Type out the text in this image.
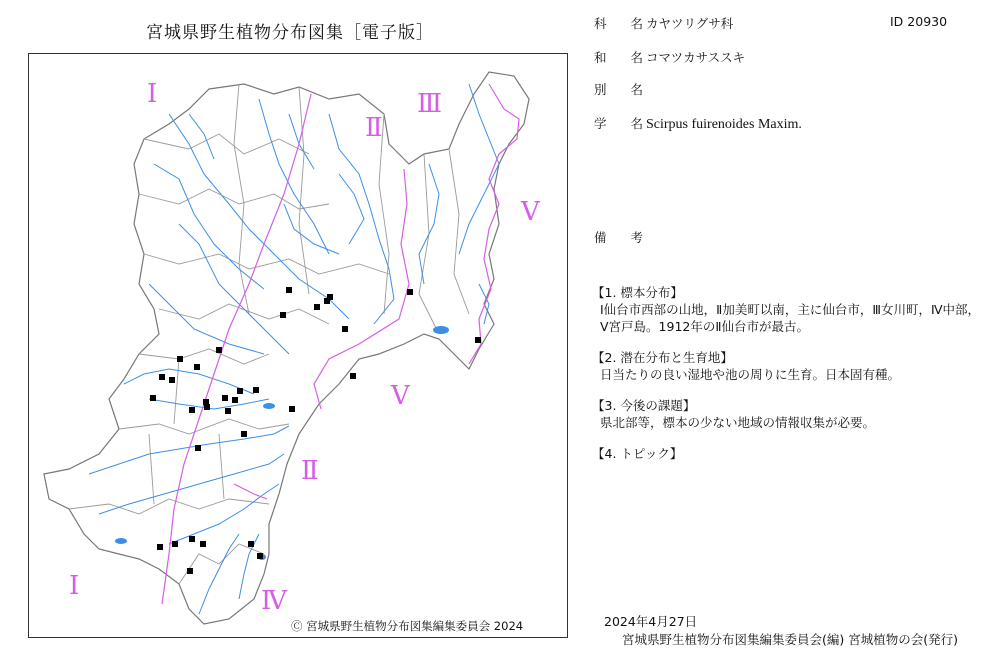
宮城県野生植物分布図集［電子版］
Ⅰ
Ⅱ
Ⅲ
Ⅴ
Ⅴ
Ⅱ
Ⅰ
Ⅳ
Ⓒ 宮城県野生植物分布図集編集委員会 2024
科 名 カヤツリグサ科	ID 20930
和 名 コマツカサススキ
別 名
学 名 Scirpus fuirenoides Maxim.
備 考
【1. 標本分布】
Ⅰ仙台市西部の山地，Ⅱ加美町以南，主に仙台市，Ⅲ女川町，Ⅳ中部，Ⅴ宮戸島。1912年のⅡ仙台市が最古。
【2. 潜在分布と生育地】
日当たりの良い湿地や池の周りに生育。日本固有種。
【3. 今後の課題】
県北部等，標本の少ない地域の情報収集が必要。
【4. トピック】
2024年4月27日
宮城県野生植物分布図集編集委員会(編) 宮城植物の会(発行)
